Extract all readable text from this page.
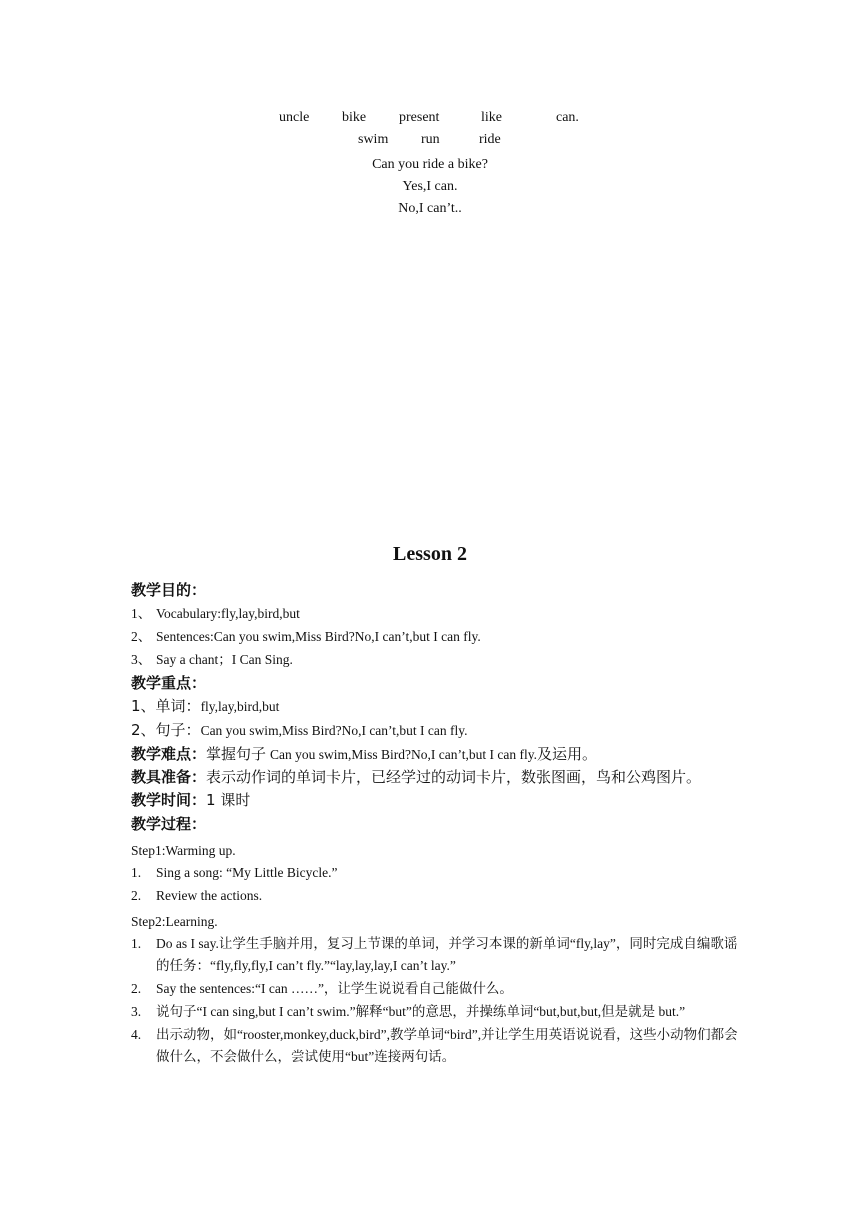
uncle bike present	like	can.
swim run	ride
Can you ride a bike?
Yes,I can.
No,I can’t..
Lesson 2

教学目的：

1、 Vocabulary:fly,lay,bird,but
2、 Sentences:Can you swim,Miss Bird?No,I can’t,but I can fly.
3、 Say a chant；I Can Sing.

教学重点：

1、单词：fly,lay,bird,but
2、句子：Can you swim,Miss Bird?No,I can’t,but I can fly.
教学难点：掌握句子 Can you swim,Miss Bird?No,I can’t,but I can fly.及运用。
教具准备：表示动作词的单词卡片，已经学过的动词卡片，数张图画，鸟和公鸡图片。
教学时间：1 课时

教学过程：

Step1:Warming up.
1. Sing a song: “My Little Bicycle.”
2. Review the actions.
Step2:Learning.
1. Do as I say.让学生手脑并用，复习上节课的单词，并学习本课的新单词“fly,lay”，同时完成自编歌谣的任务：“fly,fly,fly,I can’t fly.”“lay,lay,lay,I can’t lay.”
2. Say the sentences:“I can ……”，让学生说说看自己能做什么。
3. 说句子“I can sing,but I can’t swim.”解释“but”的意思，并操练单词“but,but,but,但是就是 but.”
4. 出示动物，如“rooster,monkey,duck,bird”,教学单词“bird”,并让学生用英语说说看，这些小动物们都会做什么，不会做什么，尝试使用“but”连接两句话。
